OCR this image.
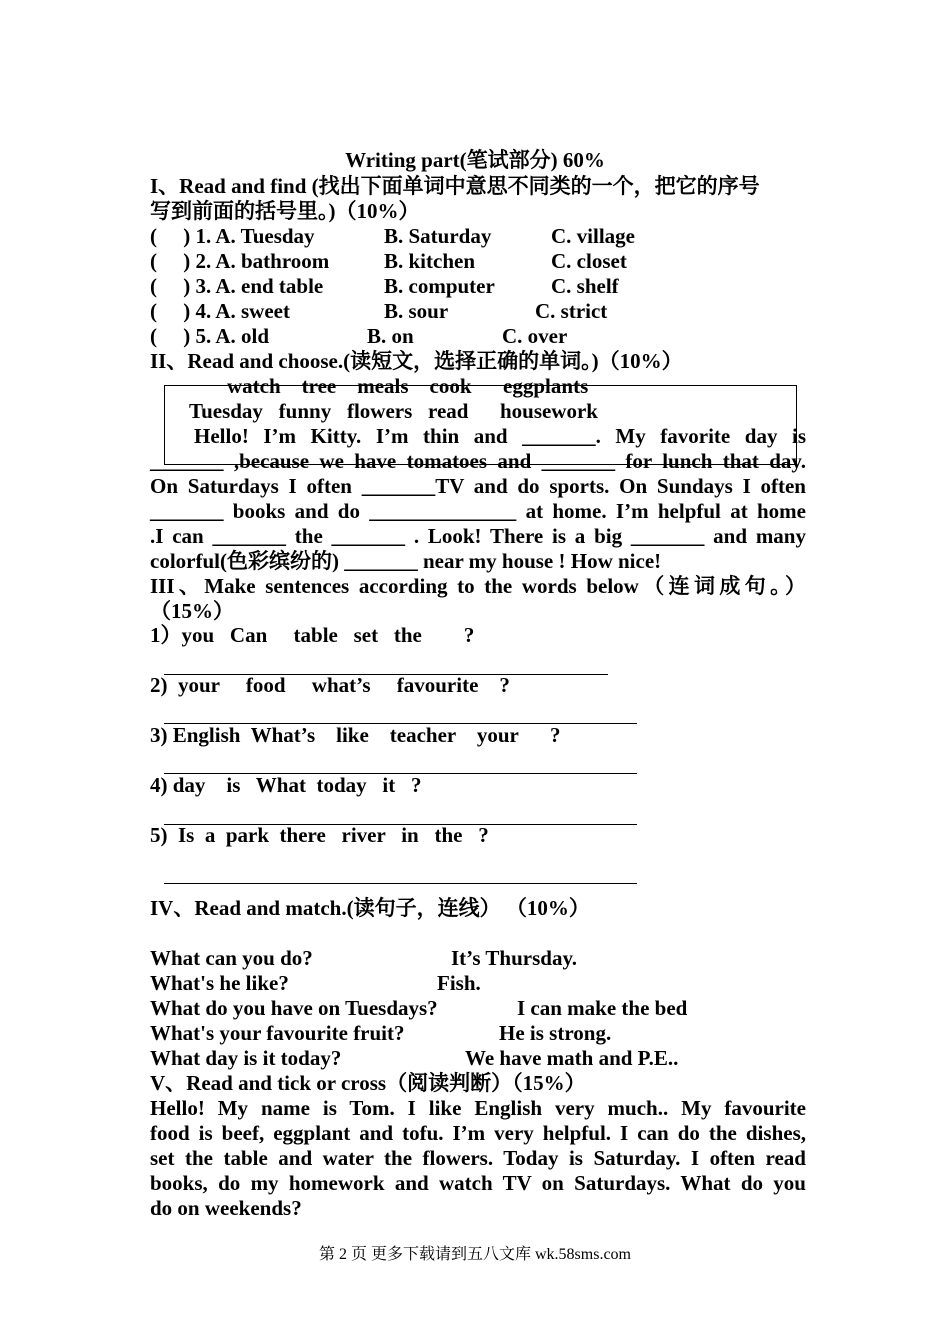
Writing part(笔试部分) 60%
I、Read and find (找出下面单词中意思不同类的一个，把它的序号
写到前面的括号里。)（10%）
(     ) 1. A. Tuesday	B. Saturday	C. village
(     ) 2. A. bathroom	B. kitchen	C. closet
(     ) 3. A. end table	B. computer	C. shelf
(     ) 4. A. sweet	B. sour	C. strict
(     ) 5. A. old	B. on	C. over
II、Read and choose.(读短文，选择正确的单词。)（10%）
watch    tree    meals    cook      eggplants
Tuesday   funny   flowers   read      housework
Hello! I’m Kitty. I’m thin and _______. My favorite day is
_______ ,because we have tomatoes and _______ for lunch that day.
On Saturdays I often _______TV and do sports. On Sundays I often
_______ books and do ______________ at home. I’m helpful at home
.I can _______ the _______ . Look! There is a big _______ and many
colorful(色彩缤纷的) _______ near my house ! How nice!
III、Make sentences according to the words below（连词成句。）
（15%）
1）you   Can     table   set   the        ?
2)  your     food     what’s     favourite    ?
3) English  What’s    like    teacher    your      ?
4) day    is   What  today   it   ?
5)  Is  a  park  there   river   in   the   ?
IV、Read and match.(读句子，连线） （10%）
What can you do?	It’s Thursday.
What's he like?	Fish.
What do you have on Tuesdays?	I can make the bed
What's your favourite fruit?	He is strong.
What day is it today?	We have math and P.E..
V、Read and tick or cross（阅读判断）（15%）
Hello! My name is Tom. I like English very much.. My favourite
food is beef, eggplant and tofu. I’m very helpful. I can do the dishes,
set the table and water the flowers. Today is Saturday. I often read
books, do my homework and watch TV on Saturdays. What do you
do on weekends?
第 2 页 更多下载请到五八文库 wk.58sms.com
